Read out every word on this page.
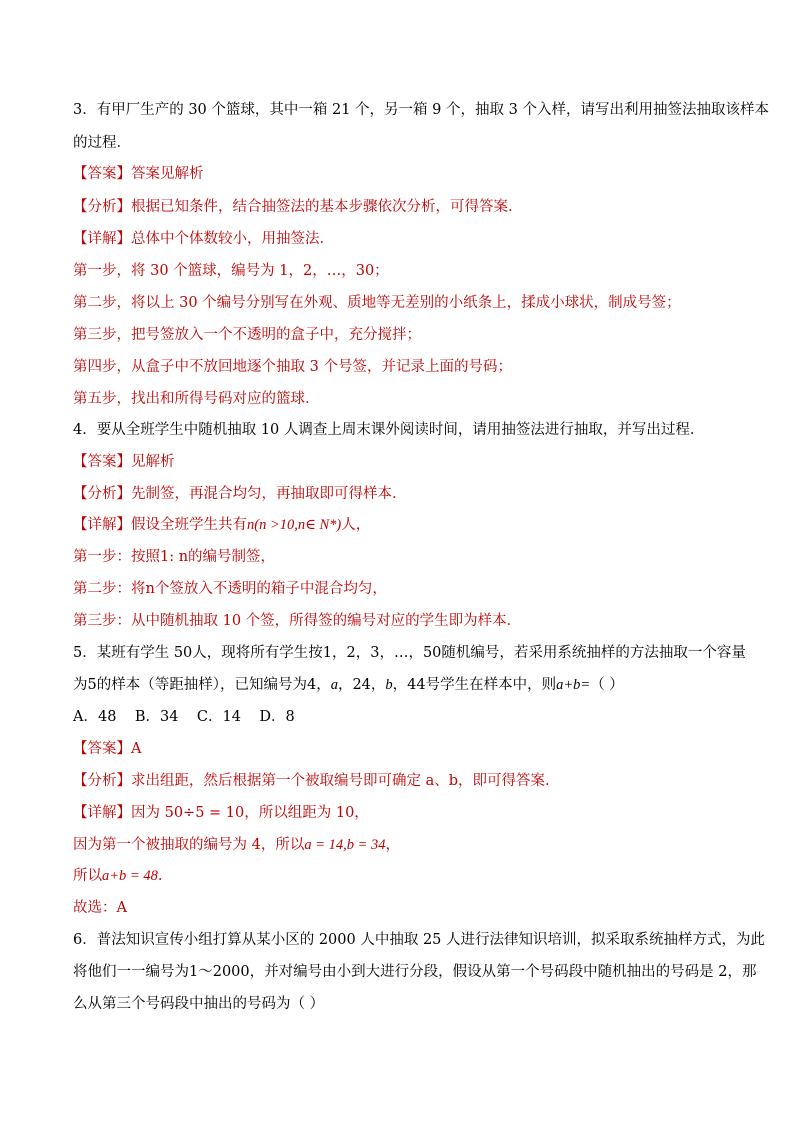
3．有甲厂生产的 30 个篮球，其中一箱 21 个，另一箱 9 个，抽取 3 个入样，请写出利用抽签法抽取该样本
的过程．
【答案】答案见解析
【分析】根据已知条件，结合抽签法的基本步骤依次分析，可得答案.
【详解】总体中个体数较小，用抽签法．
第一步，将 30 个篮球，编号为 1，2，…，30；
第二步，将以上 30 个编号分别写在外观、质地等无差别的小纸条上，揉成小球状，制成号签；
第三步，把号签放入一个不透明的盒子中，充分搅拌；
第四步，从盒子中不放回地逐个抽取 3 个号签，并记录上面的号码；
第五步，找出和所得号码对应的篮球．
4．要从全班学生中随机抽取 10 人调查上周末课外阅读时间，请用抽签法进行抽取，并写出过程．
【答案】见解析
【分析】先制签，再混合均匀，再抽取即可得样本.
【详解】假设全班学生共有n(n >10,n∈ N*)人，
第一步：按照1: n的编号制签，
第二步：将n个签放入不透明的箱子中混合均匀，
第三步：从中随机抽取 10 个签，所得签的编号对应的学生即为样本．
5．某班有学生 50人，现将所有学生按1，2，3，…，50随机编号，若采用系统抽样的方法抽取一个容量
为5的样本（等距抽样），已知编号为4，a，24，b，44号学生在样本中，则a+b=（ ）
A．48    B．34    C．14    D．8
【答案】A
【分析】求出组距，然后根据第一个被取编号即可确定 a、b，即可得答案.
【详解】因为 50÷5 = 10，所以组距为 10，
因为第一个被抽取的编号为 4，所以a = 14,b = 34，
所以a+b = 48.
故选：A
6．普法知识宣传小组打算从某小区的 2000 人中抽取 25 人进行法律知识培训，拟采取系统抽样方式，为此
将他们一一编号为1～2000，并对编号由小到大进行分段，假设从第一个号码段中随机抽出的号码是 2，那
么从第三个号码段中抽出的号码为（ ）
